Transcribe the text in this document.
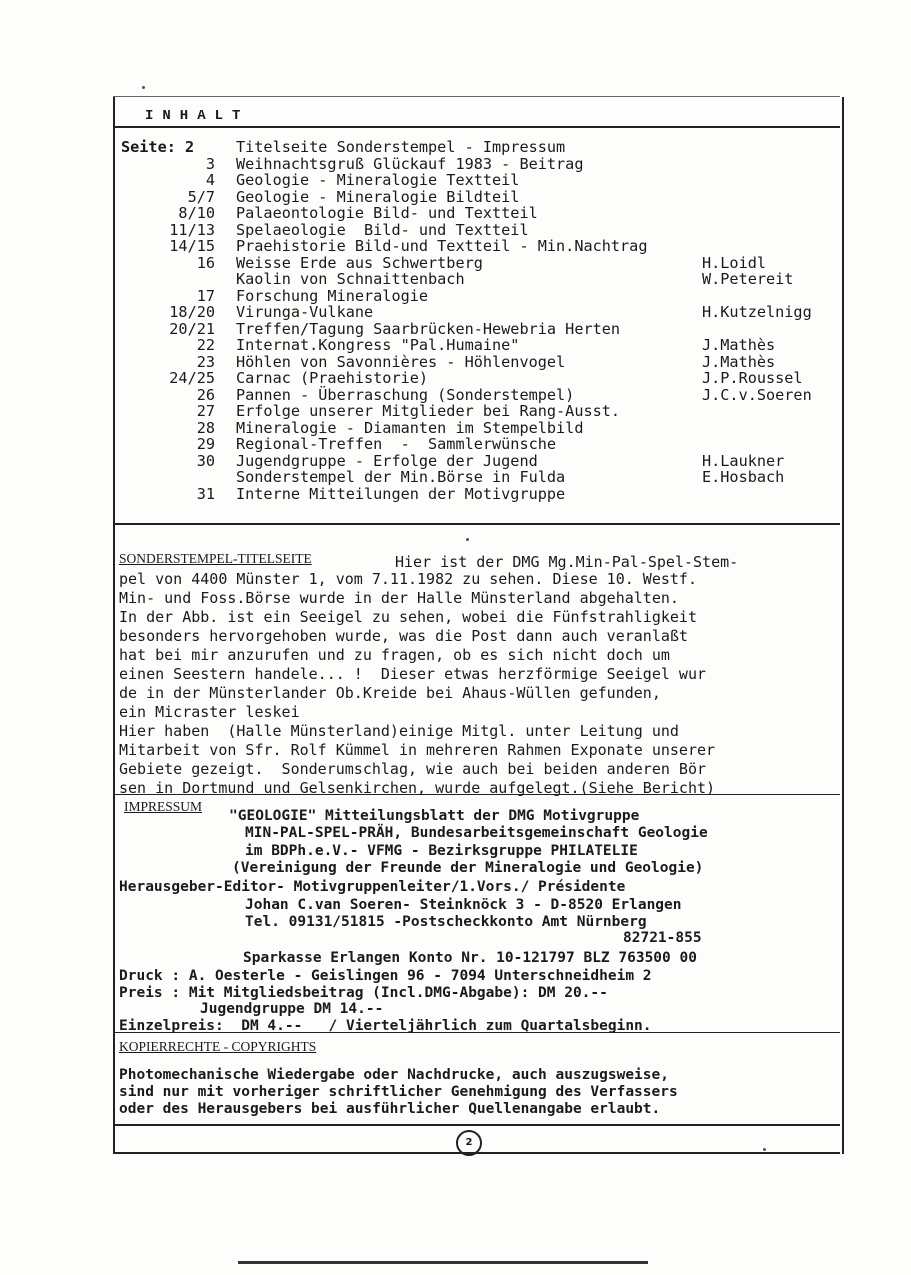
INHALT
Seite: 2	Titelseite Sonderstempel - Impressum
3 Weihnachtsgruß Glückauf 1983 - Beitrag
4 Geologie - Mineralogie Textteil
5/7 Geologie - Mineralogie Bildteil
8/10 Palaeontologie Bild- und Textteil
11/13 Spelaeologie  Bild- und Textteil
14/15 Praehistorie Bild-und Textteil - Min.Nachtrag
16 Weisse Erde aus Schwertberg	H.Loidl
Kaolin von Schnaittenbach	W.Petereit
17 Forschung Mineralogie
18/20 Virunga-Vulkane	H.Kutzelnigg
20/21 Treffen/Tagung Saarbrücken-Hewebria Herten
22 Internat.Kongress "Pal.Humaine"	J.Mathès
23 Höhlen von Savonnières - Höhlenvogel	J.Mathès
24/25 Carnac (Praehistorie)	J.P.Roussel
26 Pannen - Überraschung (Sonderstempel)	J.C.v.Soeren
27 Erfolge unserer Mitglieder bei Rang-Ausst.
28 Mineralogie - Diamanten im Stempelbild
29 Regional-Treffen  -  Sammlerwünsche
30 Jugendgruppe - Erfolge der Jugend	H.Laukner
Sonderstempel der Min.Börse in Fulda	E.Hosbach
31 Interne Mitteilungen der Motivgruppe
SONDERSTEMPEL-TITELSEITE	Hier ist der DMG Mg.Min-Pal-Spel-Stem-
pel von 4400 Münster 1, vom 7.11.1982 zu sehen. Diese 10. Westf.
Min- und Foss.Börse wurde in der Halle Münsterland abgehalten.
In der Abb. ist ein Seeigel zu sehen, wobei die Fünfstrahligkeit
besonders hervorgehoben wurde, was die Post dann auch veranlaßt
hat bei mir anzurufen und zu fragen, ob es sich nicht doch um
einen Seestern handele... !  Dieser etwas herzförmige Seeigel wur
de in der Münsterlander Ob.Kreide bei Ahaus-Wüllen gefunden,
ein Micraster leskei
Hier haben  (Halle Münsterland)einige Mitgl. unter Leitung und
Mitarbeit von Sfr. Rolf Kümmel in mehreren Rahmen Exponate unserer
Gebiete gezeigt.  Sonderumschlag, wie auch bei beiden anderen Bör
sen in Dortmund und Gelsenkirchen, wurde aufgelegt.(Siehe Bericht)
IMPRESSUM
"GEOLOGIE" Mitteilungsblatt der DMG Motivgruppe
MIN-PAL-SPEL-PRÄH, Bundesarbeitsgemeinschaft Geologie
im BDPh.e.V.- VFMG - Bezirksgruppe PHILATELIE
(Vereinigung der Freunde der Mineralogie und Geologie)
Herausgeber-Editor- Motivgruppenleiter/1.Vors./ Présidente
Johan C.van Soeren- Steinknöck 3 - D-8520 Erlangen
Tel. 09131/51815 -Postscheckkonto Amt Nürnberg
82721-855
Sparkasse Erlangen Konto Nr. 10-121797 BLZ 763500 00
Druck : A. Oesterle - Geislingen 96 - 7094 Unterschneidheim 2
Preis : Mit Mitgliedsbeitrag (Incl.DMG-Abgabe): DM 20.--
Jugendgruppe DM 14.--
Einzelpreis:  DM 4.--   / Vierteljährlich zum Quartalsbeginn.
KOPIERRECHTE - COPYRIGHTS
Photomechanische Wiedergabe oder Nachdrucke, auch auszugsweise,
sind nur mit vorheriger schriftlicher Genehmigung des Verfassers
oder des Herausgebers bei ausführlicher Quellenangabe erlaubt.
2
